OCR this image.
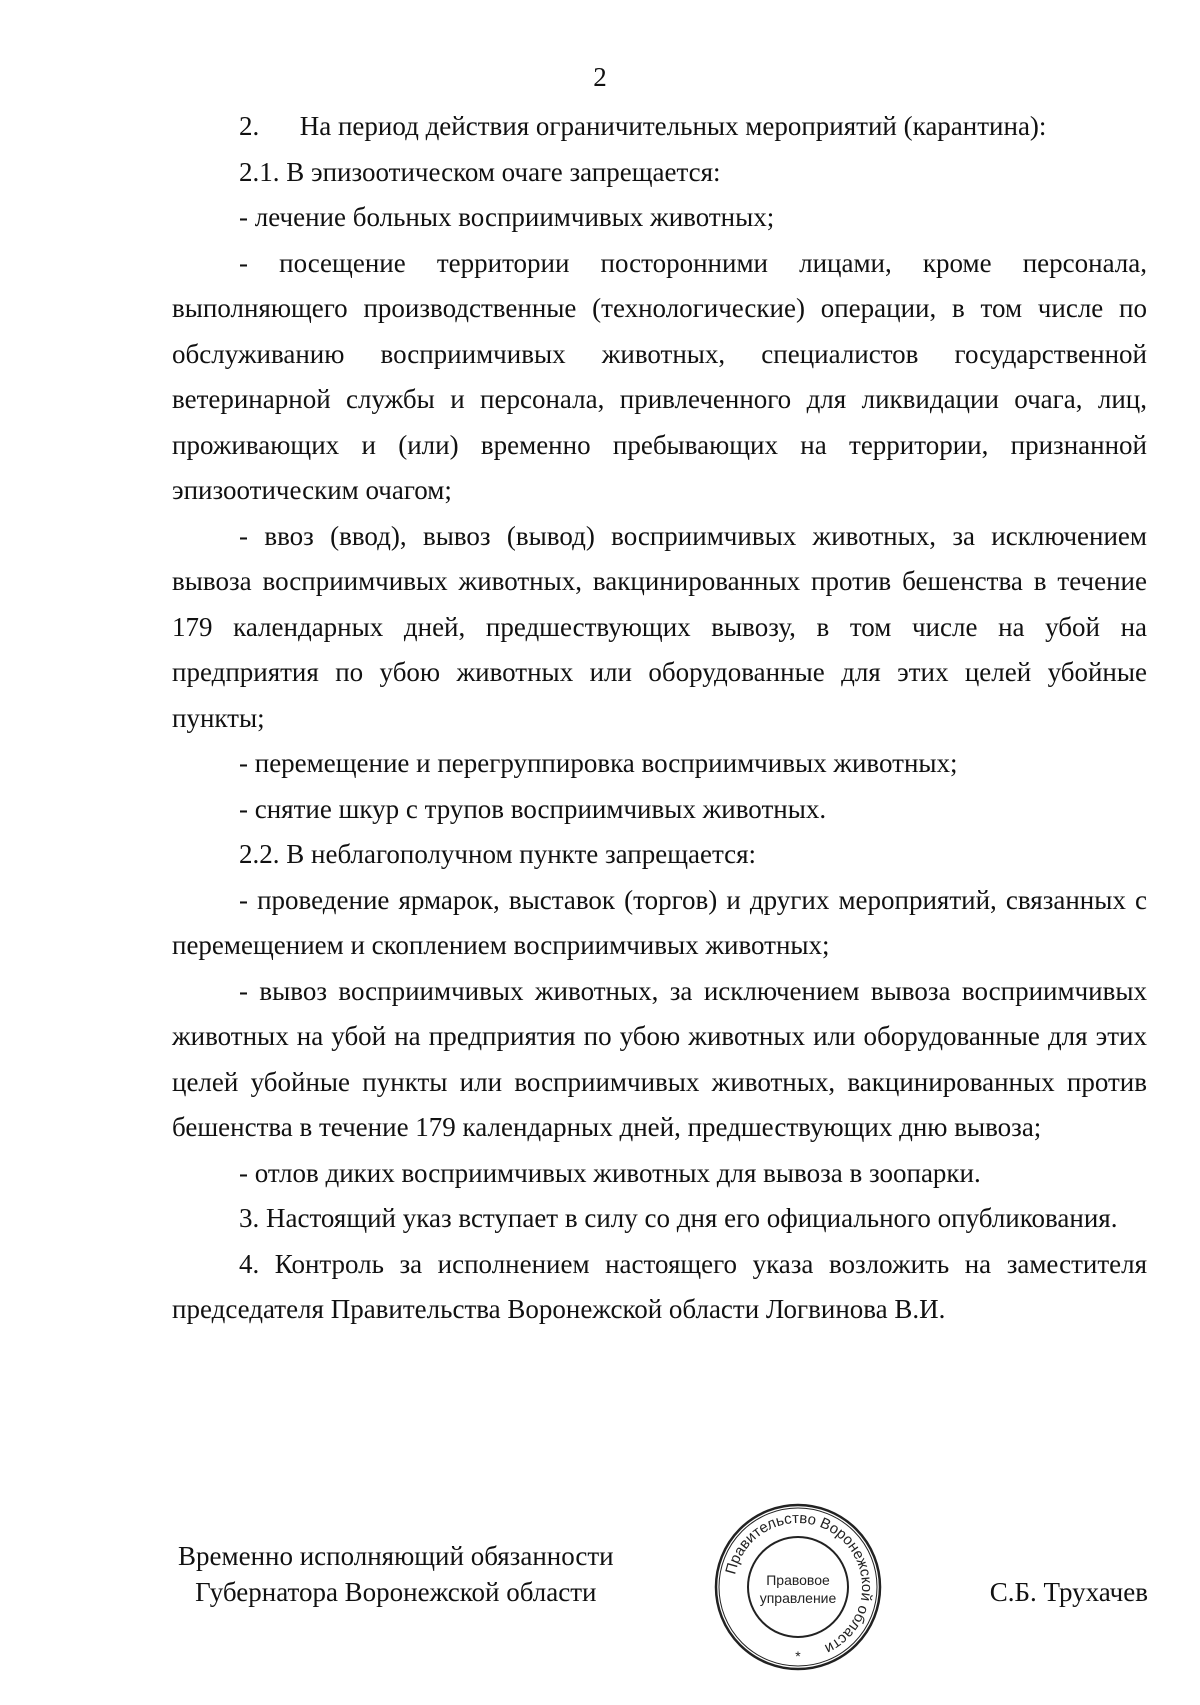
2

2.      На период действия ограничительных мероприятий (карантина):

2.1. В эпизоотическом очаге запрещается:

- лечение больных восприимчивых животных;

- посещение территории посторонними лицами, кроме персонала, выполняющего производственные (технологические) операции, в том числе по обслуживанию восприимчивых животных, специалистов государственной ветеринарной службы и персонала, привлеченного для ликвидации очага, лиц, проживающих и (или) временно пребывающих на территории, признанной эпизоотическим очагом;

- ввоз (ввод), вывоз (вывод) восприимчивых животных, за исключением вывоза восприимчивых животных, вакцинированных против бешенства в течение 179 календарных дней, предшествующих вывозу, в том числе на убой на предприятия по убою животных или оборудованные для этих целей убойные пункты;

- перемещение и перегруппировка восприимчивых животных;

- снятие шкур с трупов восприимчивых животных.

2.2. В неблагополучном пункте запрещается:

- проведение ярмарок, выставок (торгов) и других мероприятий, связанных с перемещением и скоплением восприимчивых животных;

- вывоз восприимчивых животных, за исключением вывоза восприимчивых животных на убой на предприятия по убою животных или оборудованные для этих целей убойные пункты или восприимчивых животных, вакцинированных против бешенства в течение 179 календарных дней, предшествующих дню вывоза;

- отлов диких восприимчивых животных для вывоза в зоопарки.

3. Настоящий указ вступает в силу со дня его официального опубликования.

4. Контроль за исполнением настоящего указа возложить на заместителя председателя Правительства Воронежской области Логвинова В.И.

Временно исполняющий обязанности
Губернатора Воронежской области
Правительство Воронежской области
Правовое
управление
*
С.Б. Трухачев
